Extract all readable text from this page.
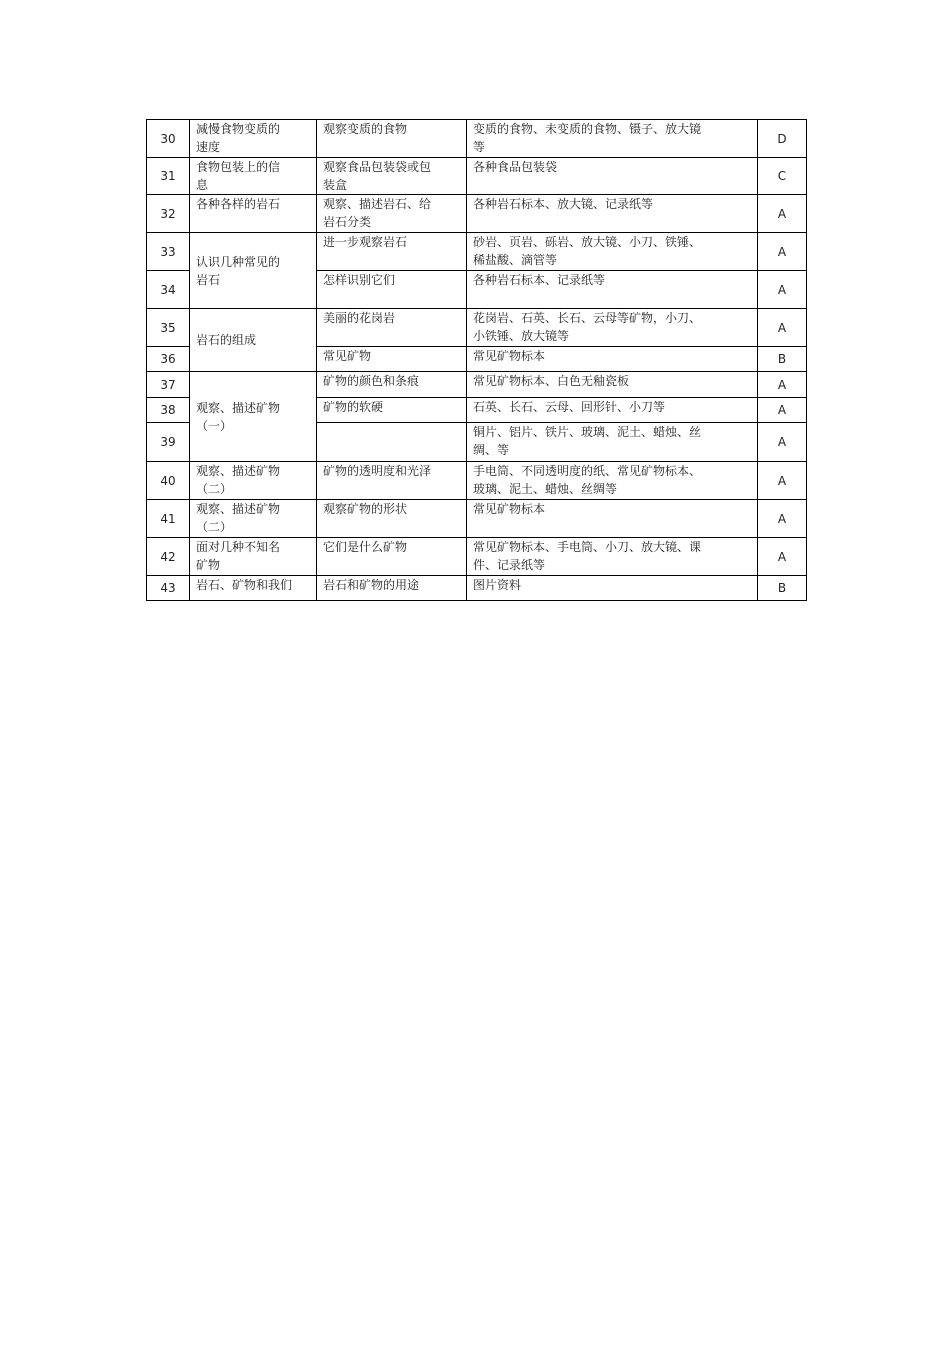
30	减慢食物变质的
速度	观察变质的食物	变质的食物、未变质的食物、镊子、放大镜
等	D
31	食物包装上的信
息	观察食品包装袋或包
装盒	各种食品包装袋	C
32	各种各样的岩石	观察、描述岩石、给
岩石分类	各种岩石标本、放大镜、记录纸等	A
33	认识几种常见的
岩石	进一步观察岩石	砂岩、页岩、砾岩、放大镜、小刀、铁锤、
稀盐酸、滴管等	A
34		怎样识别它们	各种岩石标本、记录纸等	A
35	岩石的组成	美丽的花岗岩	花岗岩、石英、长石、云母等矿物，小刀、
小铁锤、放大镜等	A
36		常见矿物	常见矿物标本	B
37	观察、描述矿物
（一）	矿物的颜色和条痕	常见矿物标本、白色无釉瓷板	A
38		矿物的软硬	石英、长石、云母、回形针、小刀等	A
39			铜片、铝片、铁片、玻璃、泥土、蜡烛、丝
绸、等	A
40	观察、描述矿物
（二）	矿物的透明度和光泽	手电筒、不同透明度的纸、常见矿物标本、
玻璃、泥土、蜡烛、丝绸等	A
41	观察、描述矿物
（二）	观察矿物的形状	常见矿物标本	A
42	面对几种不知名
矿物	它们是什么矿物	常见矿物标本、手电筒、小刀、放大镜、课
件、记录纸等	A
43	岩石、矿物和我们	岩石和矿物的用途	图片资料	B
